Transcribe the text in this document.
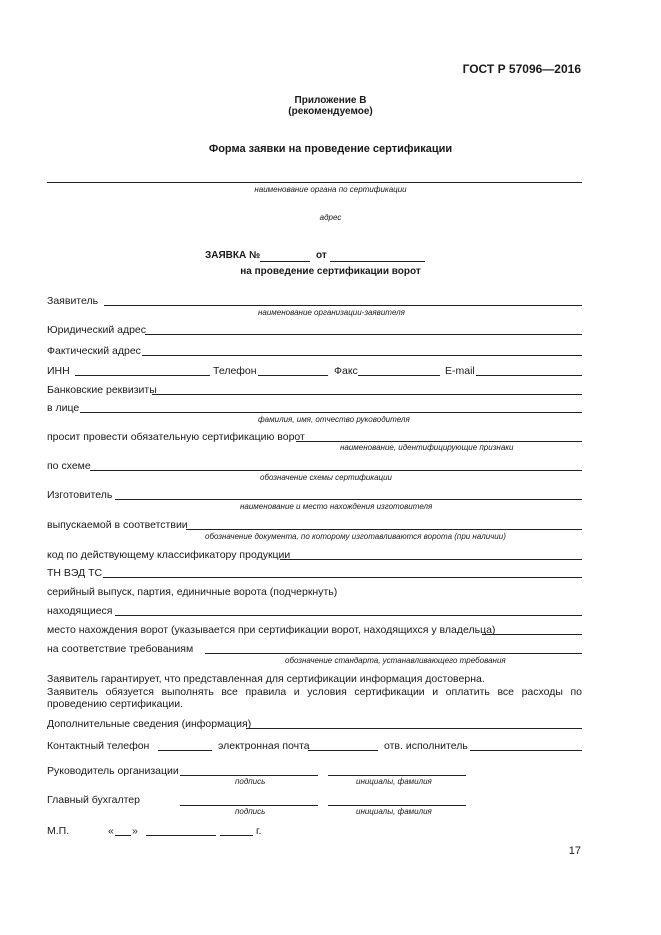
ГОСТ Р 57096—2016
Приложение В
(рекомендуемое)
Форма заявки на проведение сертификации
наименование органа по сертификации
адрес
ЗАЯВКА №	от
на проведение сертификации ворот
Заявитель
наименование организации-заявителя
Юридический адрес
Фактический адрес
ИНН	Телефон	Факс	E-mail
Банковские реквизиты
в лице
фамилия, имя, отчество руководителя
просит провести обязательную сертификацию ворот
наименование, идентифицирующие признаки
по схеме
обозначение схемы сертификации
Изготовитель
наименование и место нахождения изготовителя
выпускаемой в соответствии
обозначение документа, по которому изготавливаются ворота (при наличии)
код по действующему классификатору продукции
ТН ВЭД ТС
серийный выпуск, партия, единичные ворота (подчеркнуть)
находящиеся
место нахождения ворот (указывается при сертификации ворот, находящихся у владельца)
на соответствие требованиям
обозначение стандарта, устанавливающего требования
Заявитель гарантирует, что представленная для сертификации информация достоверна.
Заявитель обязуется выполнять все правила и условия сертификации и оплатить все расходы по проведению сертификации.
Дополнительные сведения (информация)
Контактный телефон	электронная почта	отв. исполнитель
Руководитель организации
подпись	инициалы, фамилия
Главный бухгалтер
подпись	инициалы, фамилия
М.П.	« »	г.
17
